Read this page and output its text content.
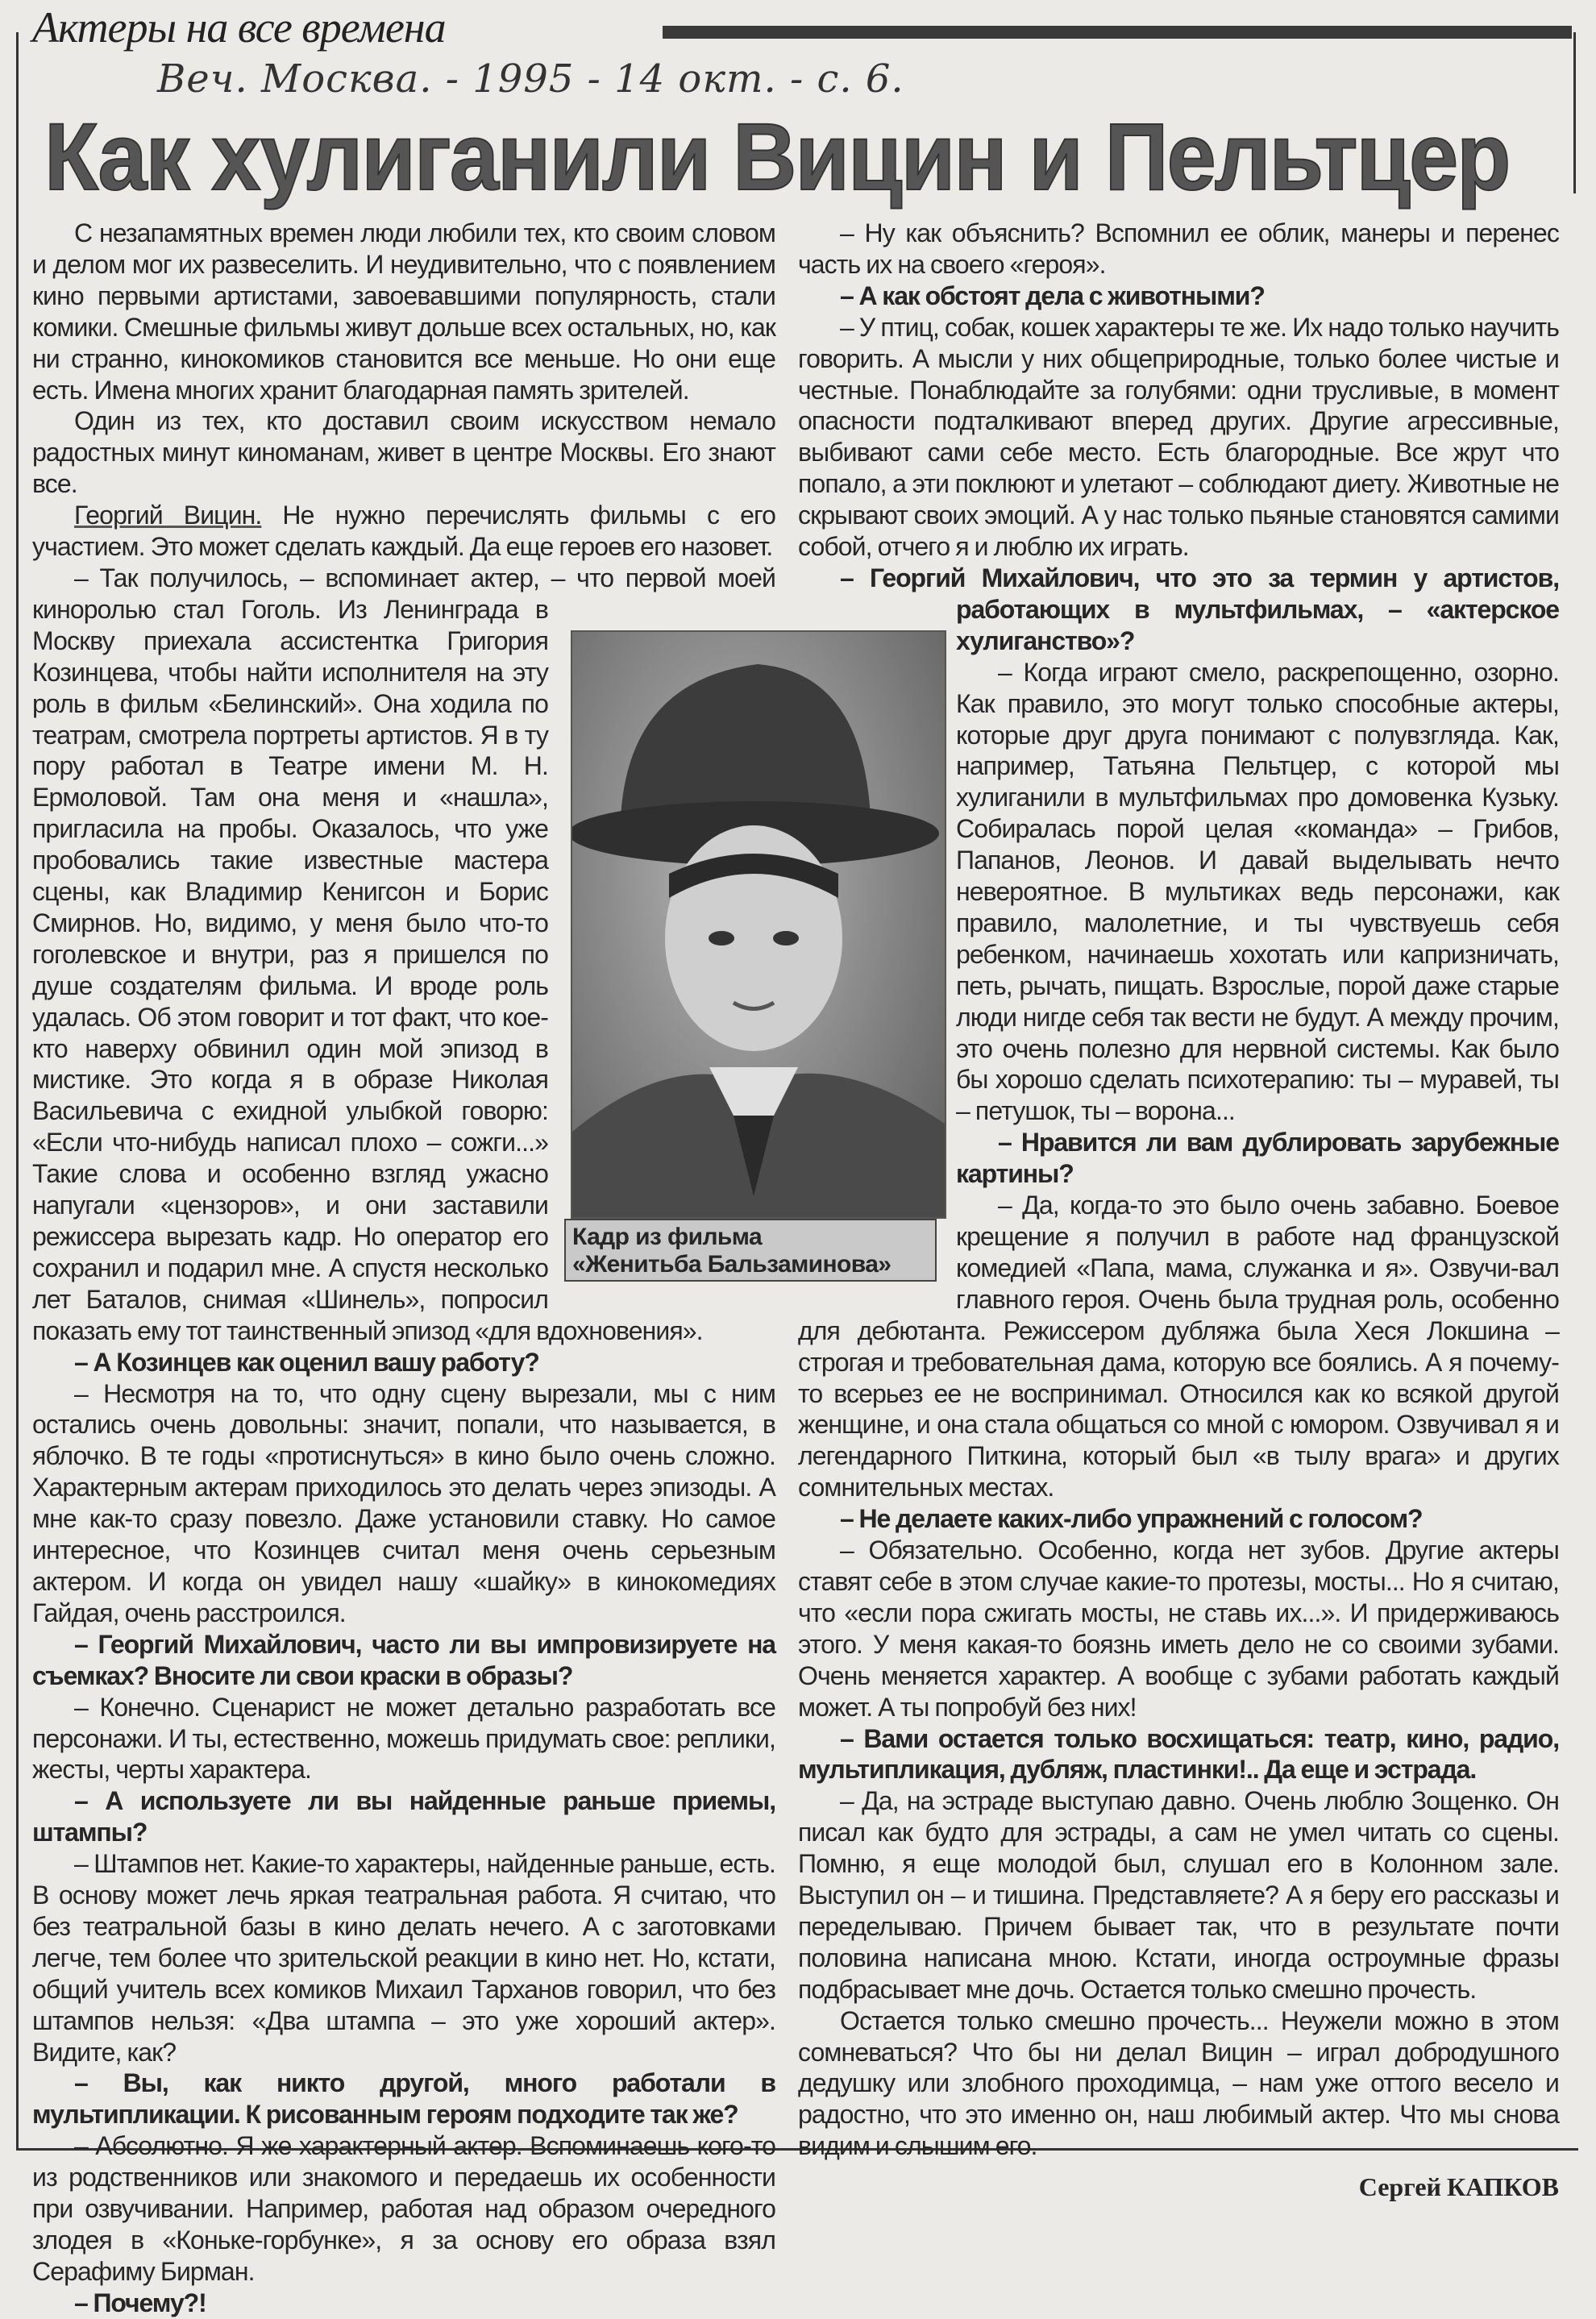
Актеры на все времена
Веч. Москва. - 1995 - 14 окт. - с. 6.
Как хулиганили Вицин и Пельтцер

С незапамятных времен люди любили тех, кто своим словом и делом мог их развеселить. И неудивительно, что с появлением кино первыми артистами, завоевавшими популярность, стали комики. Смешные фильмы живут дольше всех остальных, но, как ни странно, кинокомиков становится все меньше. Но они еще есть. Имена многих хранит благодарная память зрителей.

Один из тех, кто доставил своим искусством немало радостных минут киноманам, живет в центре Москвы. Его знают все.

Георгий Вицин. Не нужно перечислять фильмы с его участием. Это может сделать каждый. Да еще героев его назовет.

– Так получилось, – вспоминает актер, – что первой моей киноролью стал Гоголь. Из Ленинграда в Москву приехала ассистентка Григория Козинцева, чтобы найти исполнителя на эту роль в фильм «Белинский». Она ходила по театрам, смотрела портреты артистов. Я в ту пору работал в Театре имени М. Н. Ермоловой. Там она меня и «нашла», пригласила на пробы. Оказалось, что уже пробовались такие известные мастера сцены, как Владимир Кенигсон и Борис Смирнов. Но, видимо, у меня было что-то гоголевское и внутри, раз я пришелся по душе создателям фильма. И вроде роль удалась. Об этом говорит и тот факт, что кое-кто наверху обвинил один мой эпизод в мистике. Это когда я в образе Николая Васильевича с ехидной улыбкой говорю: «Если что-нибудь написал плохо – сожги...» Такие слова и особенно взгляд ужасно напугали «цензоров», и они заставили режиссера вырезать кадр. Но оператор его сохранил и подарил мне. А спустя несколько лет Баталов, снимая «Шинель», попросил показать ему тот таинственный эпизод «для вдохновения».

– А Козинцев как оценил вашу работу?

– Несмотря на то, что одну сцену вырезали, мы с ним остались очень довольны: значит, попали, что называется, в яблочко. В те годы «протиснуться» в кино было очень сложно. Характерным актерам приходилось это делать через эпизоды. А мне как-то сразу повезло. Даже установили ставку. Но самое интересное, что Козинцев считал меня очень серьезным актером. И когда он увидел нашу «шайку» в кинокомедиях Гайдая, очень расстроился.

– Георгий Михайлович, часто ли вы импровизируете на съемках? Вносите ли свои краски в образы?

– Конечно. Сценарист не может детально разработать все персонажи. И ты, естественно, можешь придумать свое: реплики, жесты, черты характера.

– А используете ли вы найденные раньше приемы, штампы?

– Штампов нет. Какие-то характеры, найденные раньше, есть. В основу может лечь яркая театральная работа. Я считаю, что без театральной базы в кино делать нечего. А с заготовками легче, тем более что зрительской реакции в кино нет. Но, кстати, общий учитель всех комиков Михаил Тарханов говорил, что без штампов нельзя: «Два штампа – это уже хороший актер». Видите, как?

– Вы, как никто другой, много работали в мультипликации. К рисованным героям подходите так же?

– Абсолютно. Я же характерный актер. Вспоминаешь кого-то из родственников или знакомого и передаешь их особенности при озвучивании. Например, работая над образом очередного злодея в «Коньке-горбунке», я за основу его образа взял Серафиму Бирман.

– Почему?!

– Ну как объяснить? Вспомнил ее облик, манеры и перенес часть их на своего «героя».

– А как обстоят дела с животными?

– У птиц, собак, кошек характеры те же. Их надо только научить говорить. А мысли у них общеприродные, только более чистые и честные. Понаблюдайте за голубями: одни трусливые, в момент опасности подталкивают вперед других. Другие агрессивные, выбивают сами себе место. Есть благородные. Все жрут что попало, а эти поклюют и улетают – соблюдают диету. Животные не скрывают своих эмоций. А у нас только пьяные становятся самими собой, отчего я и люблю их играть.

– Георгий Михайлович, что это за термин у артистов, работающих в мультфильмах, – «актерское хулиганство»?

– Когда играют смело, раскрепощенно, озорно. Как правило, это могут только способные актеры, которые друг друга понимают с полувзгляда. Как, например, Татьяна Пельтцер, с которой мы хулиганили в мультфильмах про домовенка Кузьку. Собиралась порой целая «команда» – Грибов, Папанов, Леонов. И давай выделывать нечто невероятное. В мультиках ведь персонажи, как правило, малолетние, и ты чувствуешь себя ребенком, начинаешь хохотать или капризничать, петь, рычать, пищать. Взрослые, порой даже старые люди нигде себя так вести не будут. А между прочим, это очень полезно для нервной системы. Как было бы хорошо сделать психотерапию: ты – муравей, ты – петушок, ты – ворона...

– Нравится ли вам дублировать зарубежные картины?

– Да, когда-то это было очень забавно. Боевое крещение я получил в работе над французской комедией «Папа, мама, служанка и я». Озвучи-вал главного героя. Очень была трудная роль, особенно для дебютанта. Режиссером дубляжа была Хеся Локшина – строгая и требовательная дама, которую все боялись. А я почему-то всерьез ее не воспринимал. Относился как ко всякой другой женщине, и она стала общаться со мной с юмором. Озвучивал я и легендарного Питкина, который был «в тылу врага» и других сомнительных местах.

– Не делаете каких-либо упражнений с голосом?

– Обязательно. Особенно, когда нет зубов. Другие актеры ставят себе в этом случае какие-то протезы, мосты... Но я считаю, что «если пора сжигать мосты, не ставь их...». И придерживаюсь этого. У меня какая-то боязнь иметь дело не со своими зубами. Очень меняется характер. А вообще с зубами работать каждый может. А ты попробуй без них!

– Вами остается только восхищаться: театр, кино, радио, мультипликация, дубляж, пластинки!.. Да еще и эстрада.

– Да, на эстраде выступаю давно. Очень люблю Зощенко. Он писал как будто для эстрады, а сам не умел читать со сцены. Помню, я еще молодой был, слушал его в Колонном зале. Выступил он – и тишина. Представляете? А я беру его рассказы и переделываю. Причем бывает так, что в результате почти половина написана мною. Кстати, иногда остроумные фразы подбрасывает мне дочь. Остается только смешно прочесть.

Остается только смешно прочесть... Неужели можно в этом сомневаться? Что бы ни делал Вицин – играл добродушного дедушку или злобного проходимца, – нам уже оттого весело и радостно, что это именно он, наш любимый актер. Что мы снова видим и слышим его.

Сергей КАПКОВ
Кадр из фильма
«Женитьба Бальзаминова»
